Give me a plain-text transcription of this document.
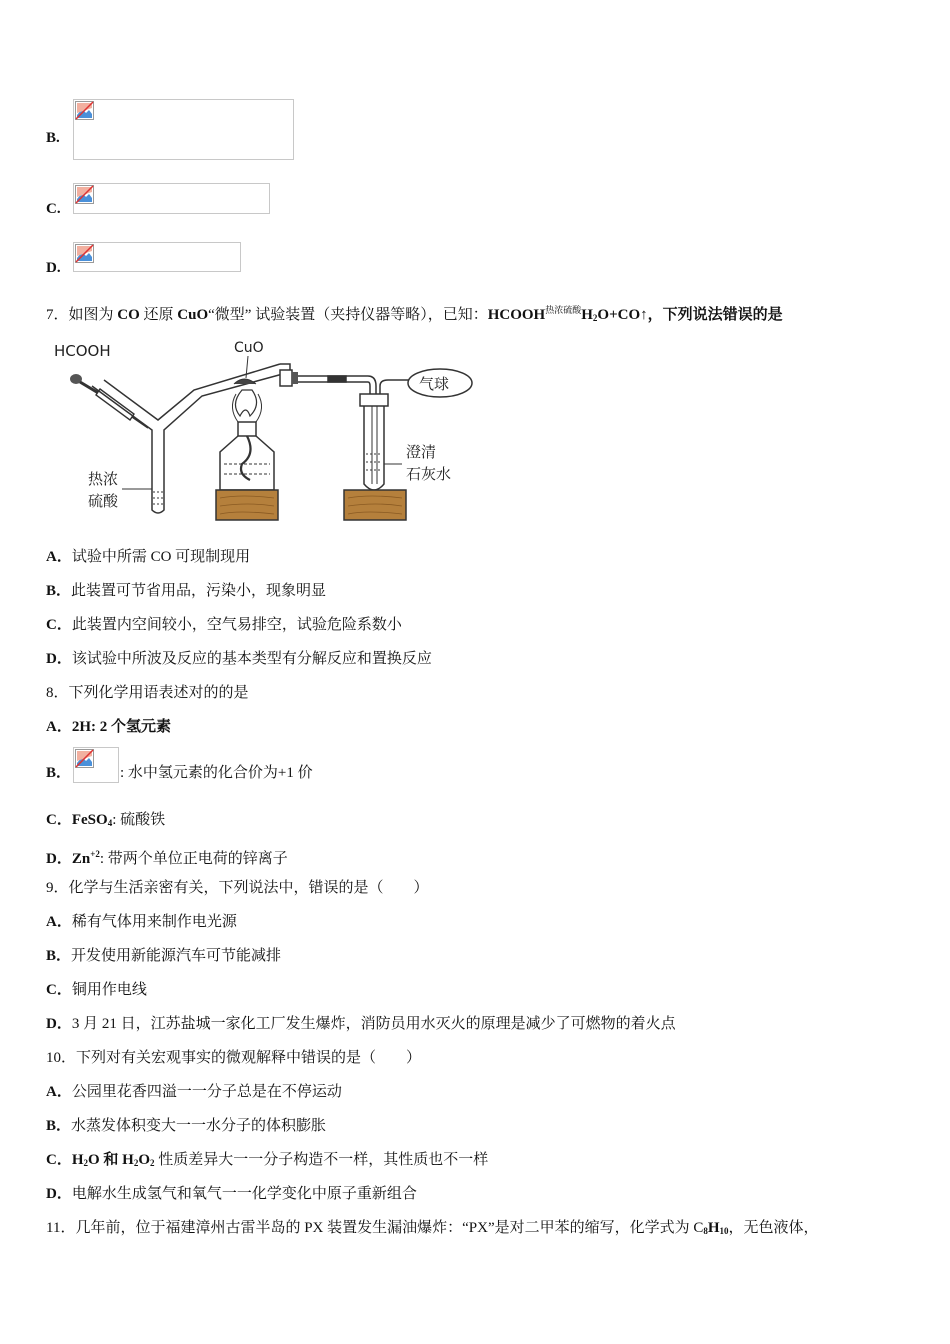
B.
C.
D.
7．如图为 CO 还原 CuO“微型” 试验装置（夹持仪器等略），已知：$HCOOH^{热浓硫酸}H_2O+CO↑$，下列说法错误的是
HCOOH	CuO
气球
澄清
石灰水
热浓
硫酸
A．试验中所需 CO 可现制现用
B．此装置可节省用品，污染小，现象明显
C．此装置内空间较小，空气易排空，试验危险系数小
D．该试验中所波及反应的基本类型有分解反应和置换反应
8．下列化学用语表述对的的是
A．2H: 2 个氢元素
B．	: 水中氢元素的化合价为+1 价
C．FeSO$_4$: 硫酸铁
D．$Zn^{+2}$: 带两个单位正电荷的锌离子
9．化学与生活亲密有关，下列说法中，错误的是（　　）
A．稀有气体用来制作电光源
B．开发使用新能源汽车可节能减排
C．铜用作电线
D．3 月 21 日，江苏盐城一家化工厂发生爆炸，消防员用水灭火的原理是减少了可燃物的着火点
10．下列对有关宏观事实的微观解释中错误的是（　　）
A．公园里花香四溢一一分子总是在不停运动
B．水蒸发体积变大一一水分子的体积膨胀
C．$H_2O$ 和 $H_2O_2$ 性质差异大一一分子构造不一样，其性质也不一样
D．电解水生成氢气和氧气一一化学变化中原子重新组合
11．几年前，位于福建漳州古雷半岛的 PX 装置发生漏油爆炸：“PX”是对二甲苯的缩写，化学式为 $C_8H_{10}$，无色液体，
